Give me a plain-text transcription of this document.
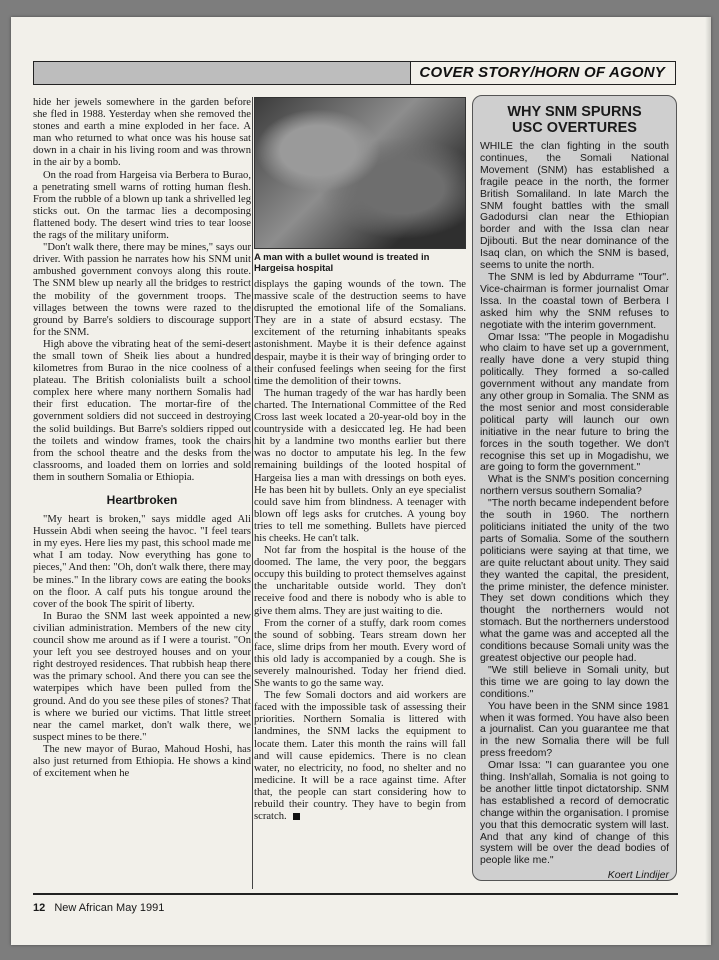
COVER STORY/HORN OF AGONY

hide her jewels somewhere in the garden before she fled in 1988. Yesterday when she removed the stones and earth a mine exploded in her face. A man who returned to what once was his house sat down in a chair in his living room and was thrown in the air by a bomb.

On the road from Hargeisa via Berbera to Burao, a penetrating smell warns of rotting human flesh. From the rubble of a blown up tank a shrivelled leg sticks out. On the tarmac lies a decomposing flattened body. The desert wind tries to tear loose the rags of the military uniform.

"Don't walk there, there may be mines," says our driver. With passion he narrates how his SNM unit ambushed government convoys along this route. The SNM blew up nearly all the bridges to restrict the mobility of the government troops. The villages between the towns were razed to the ground by Barre's soldiers to discourage support for the SNM.

High above the vibrating heat of the semi-desert the small town of Sheik lies about a hundred kilometres from Burao in the nice coolness of a plateau. The British colonialists built a school complex here where many northern Somalis had their first education. The mortar-fire of the government soldiers did not succeed in destroying the solid buildings. But Barre's soldiers ripped out the toilets and window frames, took the chairs from the school theatre and the desks from the classrooms, and loaded them on lorries and sold them in southern Somalia or Ethiopia.

Heartbroken

"My heart is broken," says middle aged Ali Hussein Abdi when seeing the havoc. "I feel tears in my eyes. Here lies my past, this school made me what I am today. Now everything has gone to pieces," And then: "Oh, don't walk there, there may be mines." In the library cows are eating the books on the floor. A calf puts his tongue around the cover of the book The spirit of liberty.

In Burao the SNM last week appointed a new civilian administration. Members of the new city council show me around as if I were a tourist. "On your left you see destroyed houses and on your right destroyed residences. That rubbish heap there was the primary school. And there you can see the waterpipes which have been pulled from the ground. And do you see these piles of stones? That is where we buried our victims. That little street near the camel market, don't walk there, we suspect mines to be there."

The new mayor of Burao, Mahoud Hoshi, has also just returned from Ethiopia. He shows a kind of excitement when he

A man with a bullet wound is treated in Hargeisa hospital

displays the gaping wounds of the town. The massive scale of the destruction seems to have disrupted the emotional life of the Somalians. They are in a state of absurd ecstasy. The excitement of the returning inhabitants speaks astonishment. Maybe it is their defence against despair, maybe it is their way of bringing order to their confused feelings when seeing for the first time the demolition of their towns.

The human tragedy of the war has hardly been charted. The International Committee of the Red Cross last week located a 20-year-old boy in the countryside with a desiccated leg. He had been hit by a landmine two months earlier but there was no doctor to amputate his leg. In the few remaining buildings of the looted hospital of Hargeisa lies a man with dressings on both eyes. He has been hit by bullets. Only an eye specialist could save him from blindness. A teenager with blown off legs asks for crutches. A young boy tries to tell me something. Bullets have pierced his cheeks. He can't talk.

Not far from the hospital is the house of the doomed. The lame, the very poor, the beggars occupy this building to protect themselves against the uncharitable outside world. They don't receive food and there is nobody who is able to give them alms. They are just waiting to die.

From the corner of a stuffy, dark room comes the sound of sobbing. Tears stream down her face, slime drips from her mouth. Every word of this old lady is accompanied by a cough. She is severely malnourished. Today her friend died. She wants to go the same way.

The few Somali doctors and aid workers are faced with the impossible task of assessing their priorities. Northern Somalia is littered with landmines, the SNM lacks the equipment to locate them. Later this month the rains will fall and will cause epidemics. There is no clean water, no electricity, no food, no shelter and no medicine. It will be a race against time. After that, the people can start considering how to rebuild their country. They have to begin from scratch.

WHY SNM SPURNS
USC OVERTURES

WHILE the clan fighting in the south continues, the Somali National Movement (SNM) has established a fragile peace in the north, the former British Somaliland. In late March the SNM fought battles with the small Gadodursi clan near the Ethiopian border and with the Issa clan near Djibouti. But the near dominance of the Isaq clan, on which the SNM is based, seems to unite the north.

The SNM is led by Abdurrame "Tour". Vice-chairman is former journalist Omar Issa. In the coastal town of Berbera I asked him why the SNM refuses to negotiate with the interim government.

Omar Issa: "The people in Mogadishu who claim to have set up a government, really have done a very stupid thing politically. They formed a so-called government without any mandate from any other group in Somalia. The SNM as the most senior and most considerable political party will launch our own initiative in the near future to bring the forces in the south together. We don't recognise this set up in Mogadishu, we are going to form the government."

What is the SNM's position concerning northern versus southern Somalia?

"The north became independent before the south in 1960. The northern politicians initiated the unity of the two parts of Somalia. Some of the southern politicians were saying at that time, we are quite reluctant about unity. They said they wanted the capital, the president, the prime minister, the defence minister. They set down conditions which they thought the northerners would not stomach. But the northerners understood what the game was and accepted all the conditions because Somali unity was the greatest objective our people had.

"We still believe in Somali unity, but this time we are going to lay down the conditions."

You have been in the SNM since 1981 when it was formed. You have also been a journalist. Can you guarantee me that in the new Somalia there will be full press freedom?

Omar Issa: "I can guarantee you one thing. Insh'allah, Somalia is not going to be another little tinpot dictatorship. SNM has established a record of democratic change within the organisation. I promise you that this democratic system will last. And that any kind of change of this system will be over the dead bodies of people like me."

Koert Lindijer
12 New African May 1991
